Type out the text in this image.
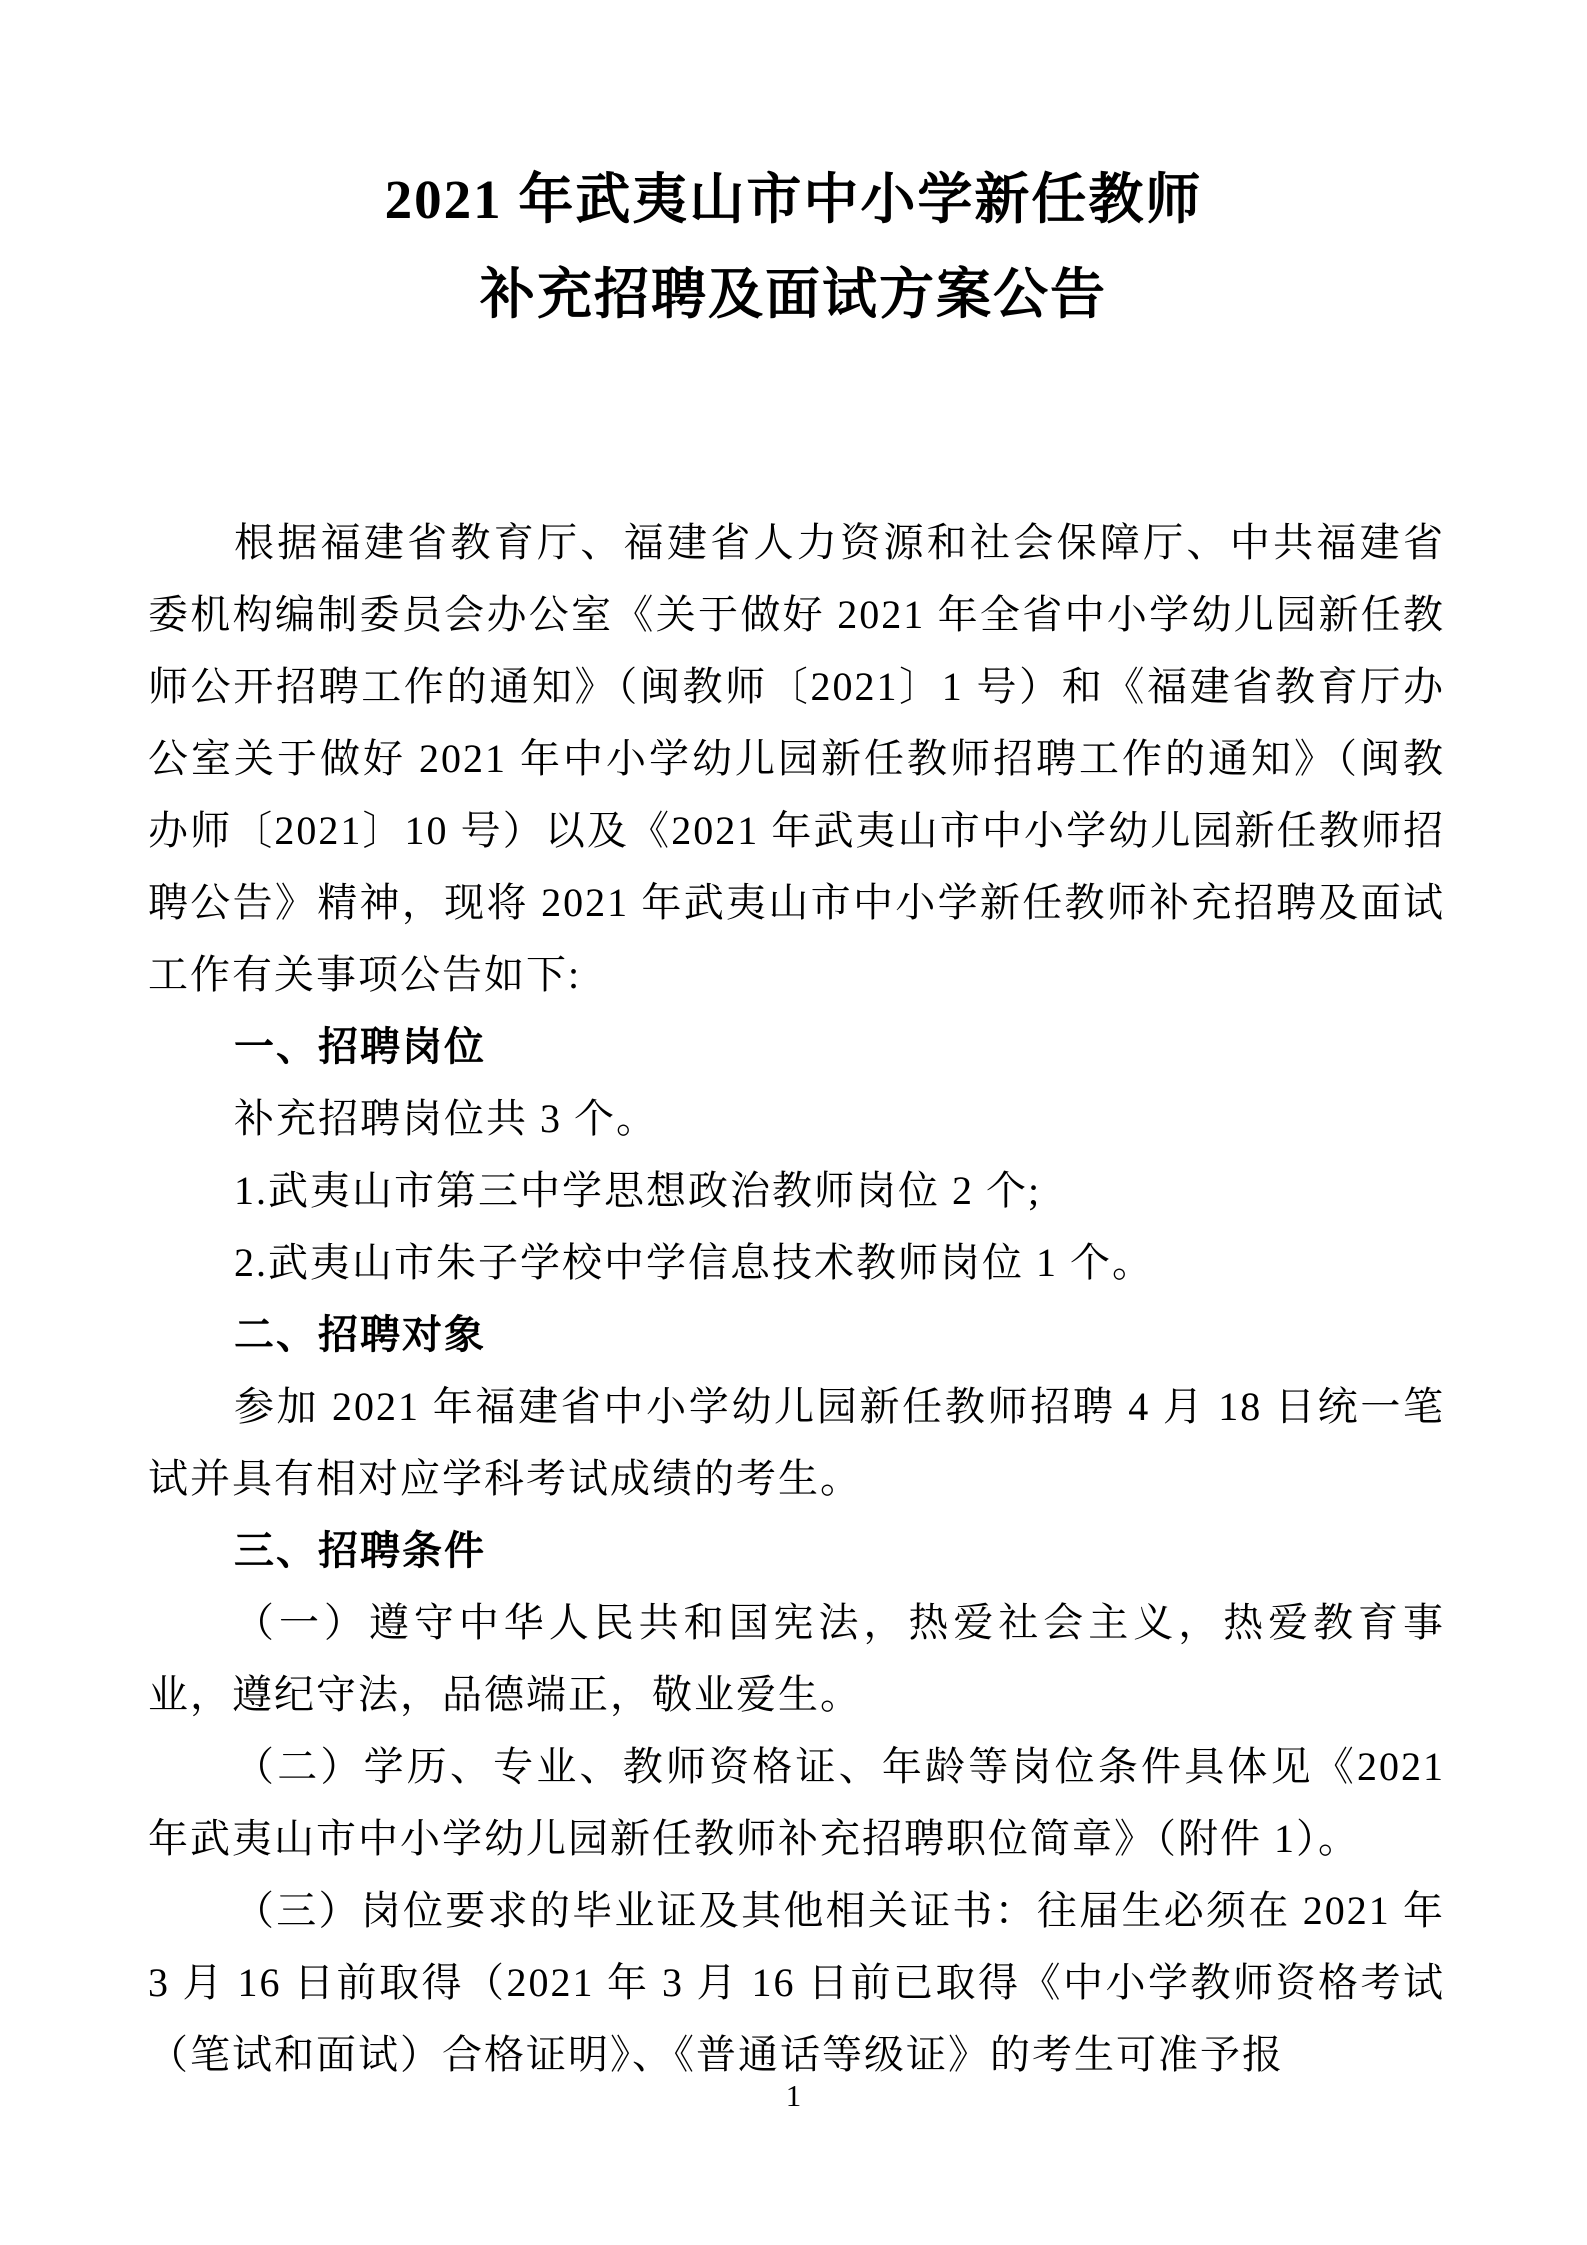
2021 年武夷山市中小学新任教师
补充招聘及面试方案公告
根据福建省教育厅、福建省人力资源和社会保障厅、中共福建省委机构编制委员会办公室《关于做好 2021 年全省中小学幼儿园新任教师公开招聘工作的通知》（闽教师〔2021〕1 号）和《福建省教育厅办公室关于做好 2021 年中小学幼儿园新任教师招聘工作的通知》（闽教办师〔2021〕10 号）以及《2021 年武夷山市中小学幼儿园新任教师招聘公告》精神，现将 2021 年武夷山市中小学新任教师补充招聘及面试工作有关事项公告如下:
一、招聘岗位
补充招聘岗位共 3 个。
1.武夷山市第三中学思想政治教师岗位 2 个;
2.武夷山市朱子学校中学信息技术教师岗位 1 个。
二、招聘对象
参加 2021 年福建省中小学幼儿园新任教师招聘 4 月 18 日统一笔试并具有相对应学科考试成绩的考生。
三、招聘条件
（一）遵守中华人民共和国宪法，热爱社会主义，热爱教育事业，遵纪守法，品德端正，敬业爱生。
（二）学历、专业、教师资格证、年龄等岗位条件具体见《2021 年武夷山市中小学幼儿园新任教师补充招聘职位简章》（附件 1）。
（三）岗位要求的毕业证及其他相关证书：往届生必须在 2021 年 3 月 16 日前取得（2021 年 3 月 16 日前已取得《中小学教师资格考试（笔试和面试）合格证明》、《普通话等级证》的考生可准予报
1
